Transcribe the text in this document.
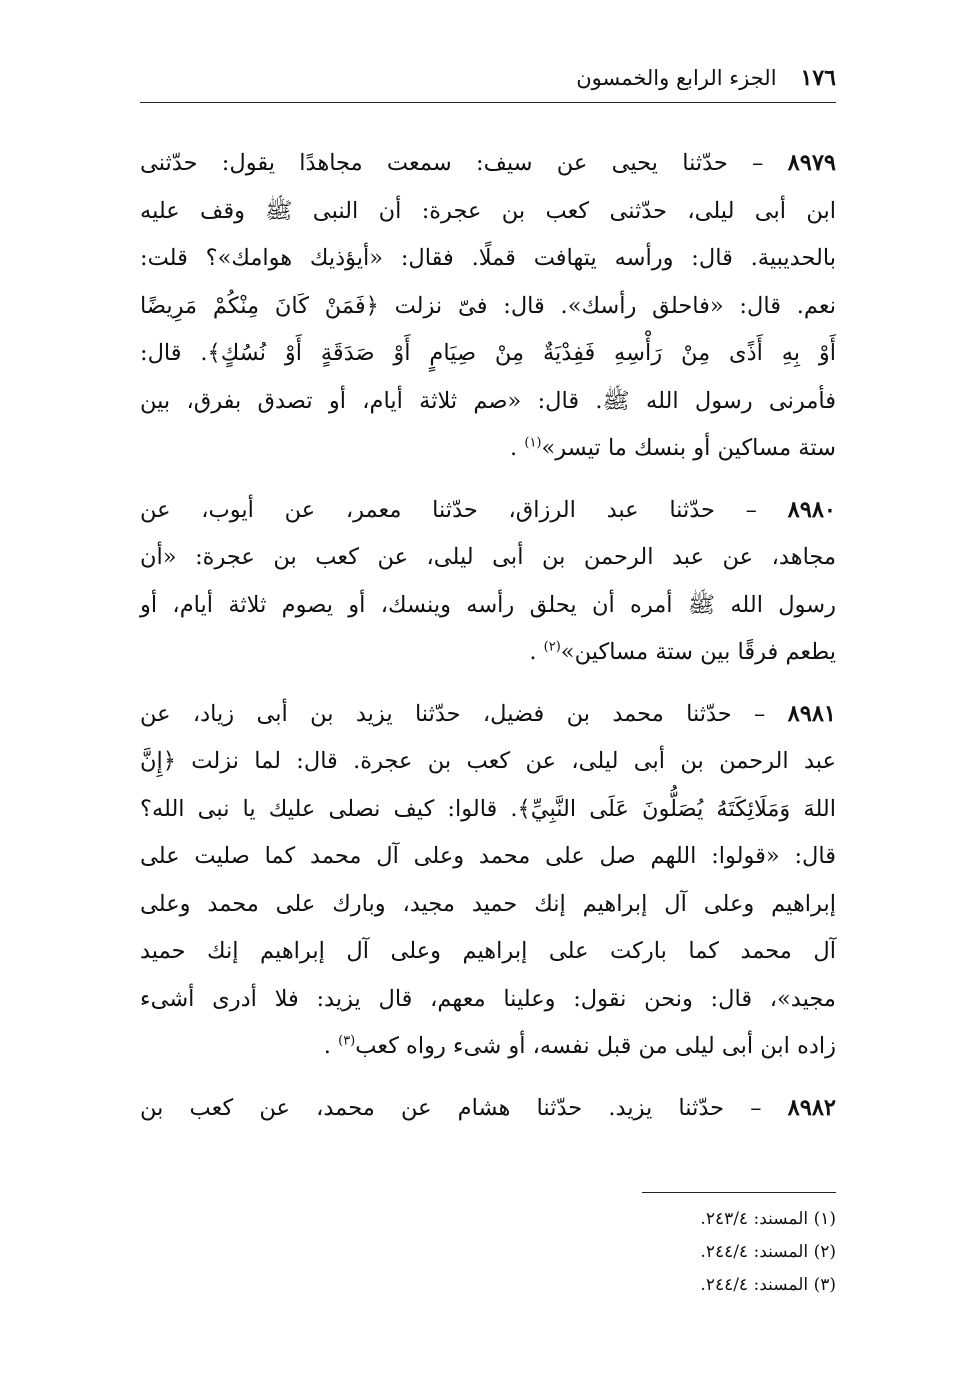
١٧٦
الجزء الرابع والخمسون
٨٩٧٩ – حدّثنا يحيى عن سيف: سمعت مجاهدًا يقول: حدّثنى
ابن أبى ليلى، حدّثنى كعب بن عجرة: أن النبى ﷺ وقف عليه
بالحديبية. قال: ورأسه يتهافت قملًا. فقال: «أيؤذيك هوامك»؟ قلت:
نعم. قال: «فاحلق رأسك». قال: فىّ نزلت ﴿فَمَنْ كَانَ مِنْكُمْ مَرِيضًا
أَوْ بِهِ أَذًى مِنْ رَأْسِهِ فَفِدْيَةٌ مِنْ صِيَامٍ أَوْ صَدَقَةٍ أَوْ نُسُكٍ﴾. قال:
فأمرنى رسول الله ﷺ. قال: «صم ثلاثة أيام، أو تصدق بفرق، بين
ستة مساكين أو بنسك ما تيسر»$^{(١)}$ .
٨٩٨٠ – حدّثنا عبد الرزاق، حدّثنا معمر، عن أيوب، عن
مجاهد، عن عبد الرحمن بن أبى ليلى، عن كعب بن عجرة: «أن
رسول الله ﷺ أمره أن يحلق رأسه وينسك، أو يصوم ثلاثة أيام، أو
يطعم فرقًا بين ستة مساكين»$^{(٢)}$ .
٨٩٨١ – حدّثنا محمد بن فضيل، حدّثنا يزيد بن أبى زياد، عن
عبد الرحمن بن أبى ليلى، عن كعب بن عجرة. قال: لما نزلت ﴿إِنَّ
اللهَ وَمَلَائِكَتَهُ يُصَلُّونَ عَلَى النَّبِيِّ﴾. قالوا: كيف نصلى عليك يا نبى الله؟
قال: «قولوا: اللهم صل على محمد وعلى آل محمد كما صليت على
إبراهيم وعلى آل إبراهيم إنك حميد مجيد، وبارك على محمد وعلى
آل محمد كما باركت على إبراهيم وعلى آل إبراهيم إنك حميد
مجيد»، قال: ونحن نقول: وعلينا معهم، قال يزيد: فلا أدرى أشىء
زاده ابن أبى ليلى من قبل نفسه، أو شىء رواه كعب$^{(٣)}$ .
٨٩٨٢ – حدّثنا يزيد. حدّثنا هشام عن محمد، عن كعب بن
(١) المسند: ٢٤٣/٤.
(٢) المسند: ٢٤٤/٤.
(٣) المسند: ٢٤٤/٤.
